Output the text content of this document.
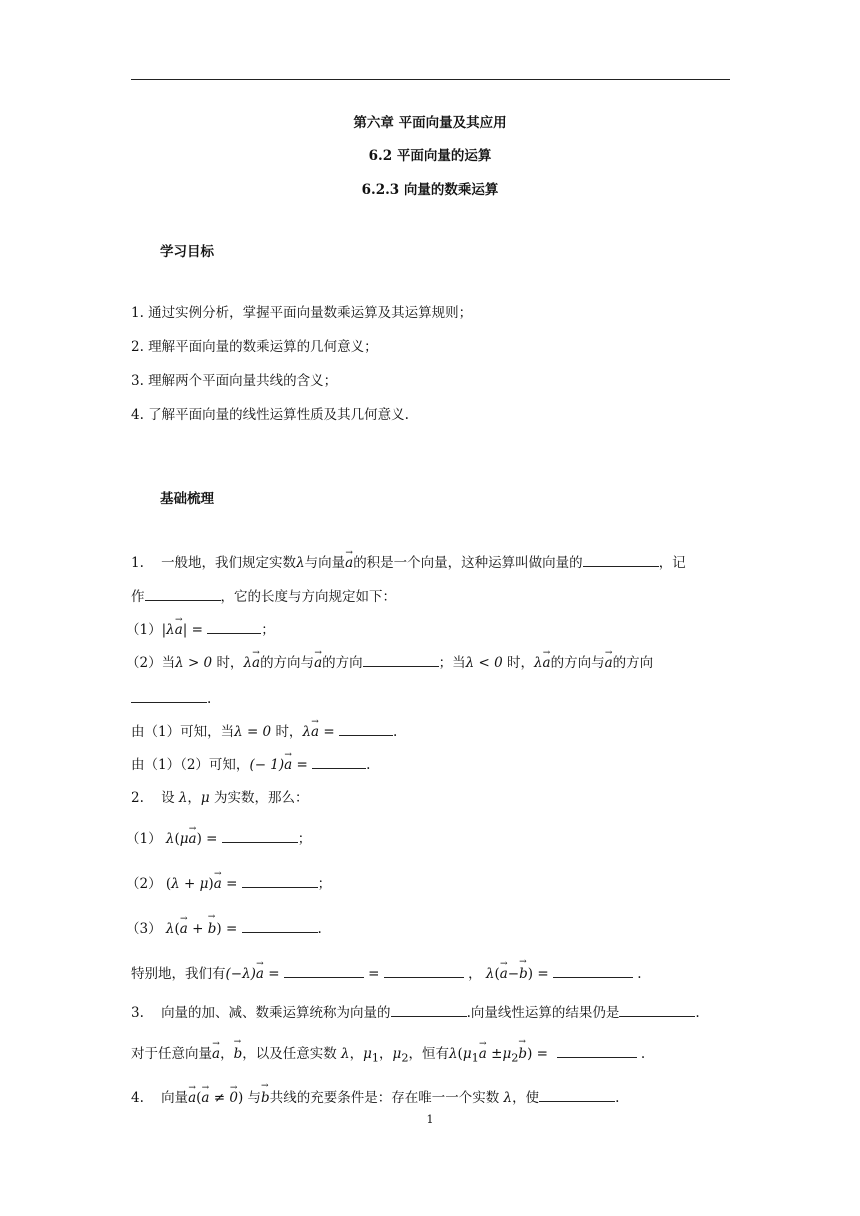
第六章 平面向量及其应用
6.2 平面向量的运算
6.2.3 向量的数乘运算
学习目标
1. 通过实例分析，掌握平面向量数乘运算及其运算规则；
2. 理解平面向量的数乘运算的几何意义；
3. 理解两个平面向量共线的含义；
4. 了解平面向量的线性运算性质及其几何意义.
基础梳理
1. 一般地，我们规定实数λ与向量→ a的积是一个向量，这种运算叫做向量的	，记
作	，它的长度与方向规定如下：
（1）|λ→ a| =	；
（2）当λ > 0 时，λ→ a的方向与→ a的方向	；当λ < 0 时，λ→ a的方向与→ a的方向
.
由（1）可知，当λ = 0 时，λ→ a =	.
由（1）（2）可知，(− 1)→ a =	.
2. 设 λ，μ 为实数，那么：
（1） λ(μ→ a) =	；
（2） (λ + μ)→ a =	；
（3） λ(→ a + → b) =	.
特别地，我们有(−λ)→ a =	=	， λ(→ a−→ b) =	.
3. 向量的加、减、数乘运算统称为向量的	.向量线性运算的结果仍是	.
对于任意向量→ a，→ b，以及任意实数 λ，$\mu_1$，$\mu_2$，恒有$\lambda(\mu_1\to a \pm\mu_2\to b)$ =	.
4. 向量→ a(→ a ≠ → 0) 与→ b共线的充要条件是：存在唯一一个实数 λ，使	.
1
